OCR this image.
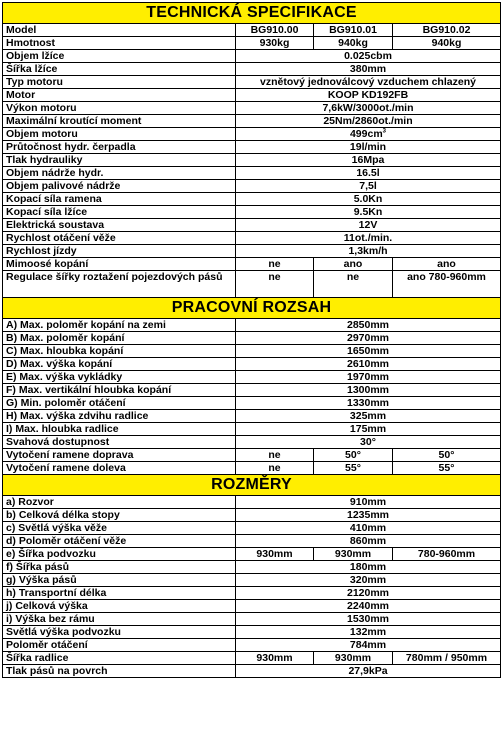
TECHNICKÁ SPECIFIKACE			
Model	BG910.00	BG910.01	BG910.02
Hmotnost	930kg	940kg	940kg
Objem lžíce	0.025cbm		
Šířka lžíce	380mm		
Typ motoru	vznětový jednoválcový vzduchem chlazený		
Motor	KOOP KD192FB		
Výkon motoru	7,6kW/3000ot./min		
Maximální kroutící moment	25Nm/2860ot./min		
Objem motoru	$499cm^3$
Průtočnost hydr. čerpadla	19l/min		
Tlak hydrauliky	16Mpa		
Objem nádrže hydr.	16.5l		
Objem palivové nádrže	7,5l		
Kopací síla ramena	5.0Kn		
Kopací síla lžíce	9.5Kn		
Elektrická soustava	12V		
Rychlost otáčení věže	11ot./min.		
Rychlost jízdy	1,3km/h		
Mimoosé kopání	ne	ano	ano
Regulace šířky roztažení pojezdových pásů	ne	ne	ano 780-960mm
PRACOVNÍ ROZSAH			
A) Max. poloměr kopání na zemi	2850mm		
B) Max. poloměr kopání	2970mm		
C) Max. hloubka kopání	1650mm		
D) Max. výška kopání	2610mm		
E) Max. výška vykládky	1970mm		
F) Max. vertikální hloubka kopání	1300mm		
G) Min. poloměr otáčení	1330mm		
H) Max. výška zdvihu radlice	325mm		
I) Max. hloubka radlice	175mm		
Svahová dostupnost	30°		
Vytočení ramene doprava	ne	50°	50°
Vytočení ramene doleva	ne	55°	55°
ROZMĚRY			
a) Rozvor	910mm		
b) Celková délka stopy	1235mm		
c) Světlá výška věže	410mm		
d) Poloměr otáčení věže	860mm		
e) Šířka podvozku	930mm	930mm	780-960mm
f) Šířka pásů	180mm		
g) Výška pásů	320mm		
h) Transportní délka	2120mm		
j) Celková výška	2240mm		
i) Výška bez rámu	1530mm		
Světlá výška podvozku	132mm		
Poloměr otáčení	784mm		
Šířka radlice	930mm	930mm	780mm / 950mm
Tlak pásů na povrch	27,9kPa		
